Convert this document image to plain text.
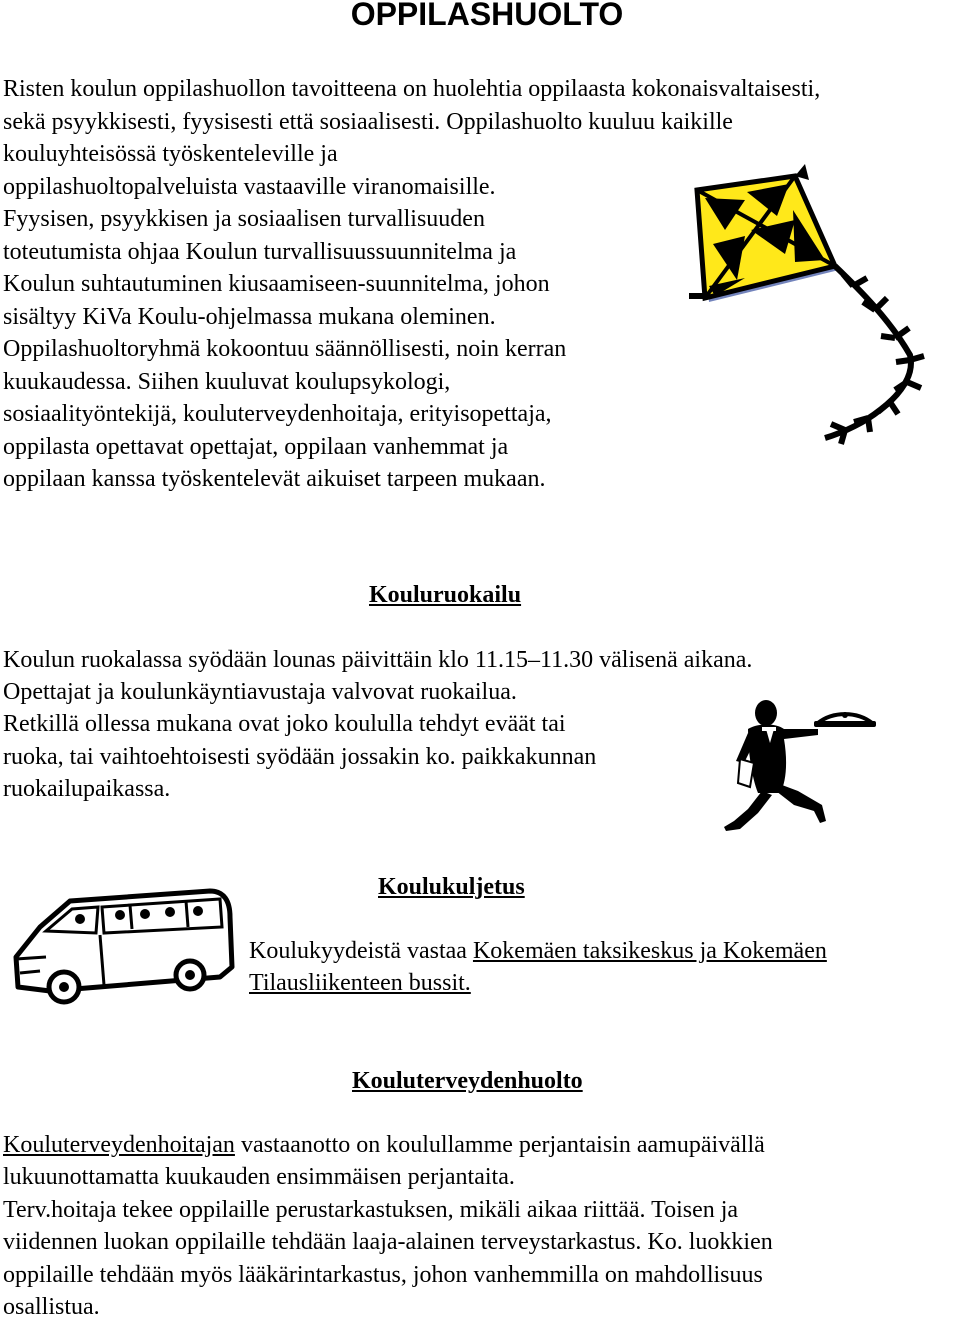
OPPILASHUOLTO
Risten koulun oppilashuollon tavoitteena on huolehtia oppilaasta kokonaisvaltaisesti,
sekä psyykkisesti, fyysisesti että sosiaalisesti. Oppilashuolto kuuluu kaikille
kouluyhteisössä työskenteleville ja
oppilashuoltopalveluista vastaaville viranomaisille.
Fyysisen, psyykkisen ja sosiaalisen turvallisuuden
toteutumista ohjaa Koulun turvallisuussuunnitelma ja
Koulun suhtautuminen kiusaamiseen-suunnitelma, johon
sisältyy KiVa Koulu-ohjelmassa mukana oleminen.
Oppilashuoltoryhmä kokoontuu säännöllisesti, noin kerran
kuukaudessa. Siihen kuuluvat koulupsykologi,
sosiaalityöntekijä, kouluterveydenhoitaja, erityisopettaja,
oppilasta opettavat opettajat, oppilaan vanhemmat ja
oppilaan kanssa työskentelevät aikuiset tarpeen mukaan.
Kouluruokailu
Koulun ruokalassa syödään lounas päivittäin klo 11.15–11.30 välisenä aikana.
Opettajat ja koulunkäyntiavustaja valvovat ruokailua.
Retkillä ollessa mukana ovat joko koululla tehdyt eväät tai
ruoka, tai vaihtoehtoisesti syödään jossakin ko. paikkakunnan
ruokailupaikassa.
Koulukuljetus
Koulukyydeistä vastaa Kokemäen taksikeskus ja Kokemäen
Tilausliikenteen bussit.
Kouluterveydenhuolto
Kouluterveydenhoitajan vastaanotto on koulullamme perjantaisin aamupäivällä
lukuunottamatta kuukauden ensimmäisen perjantaita.
Terv.hoitaja tekee oppilaille perustarkastuksen, mikäli aikaa riittää. Toisen ja
viidennen luokan oppilaille tehdään laaja-alainen terveystarkastus. Ko. luokkien
oppilaille tehdään myös lääkärintarkastus, johon vanhemmilla on mahdollisuus
osallistua.
